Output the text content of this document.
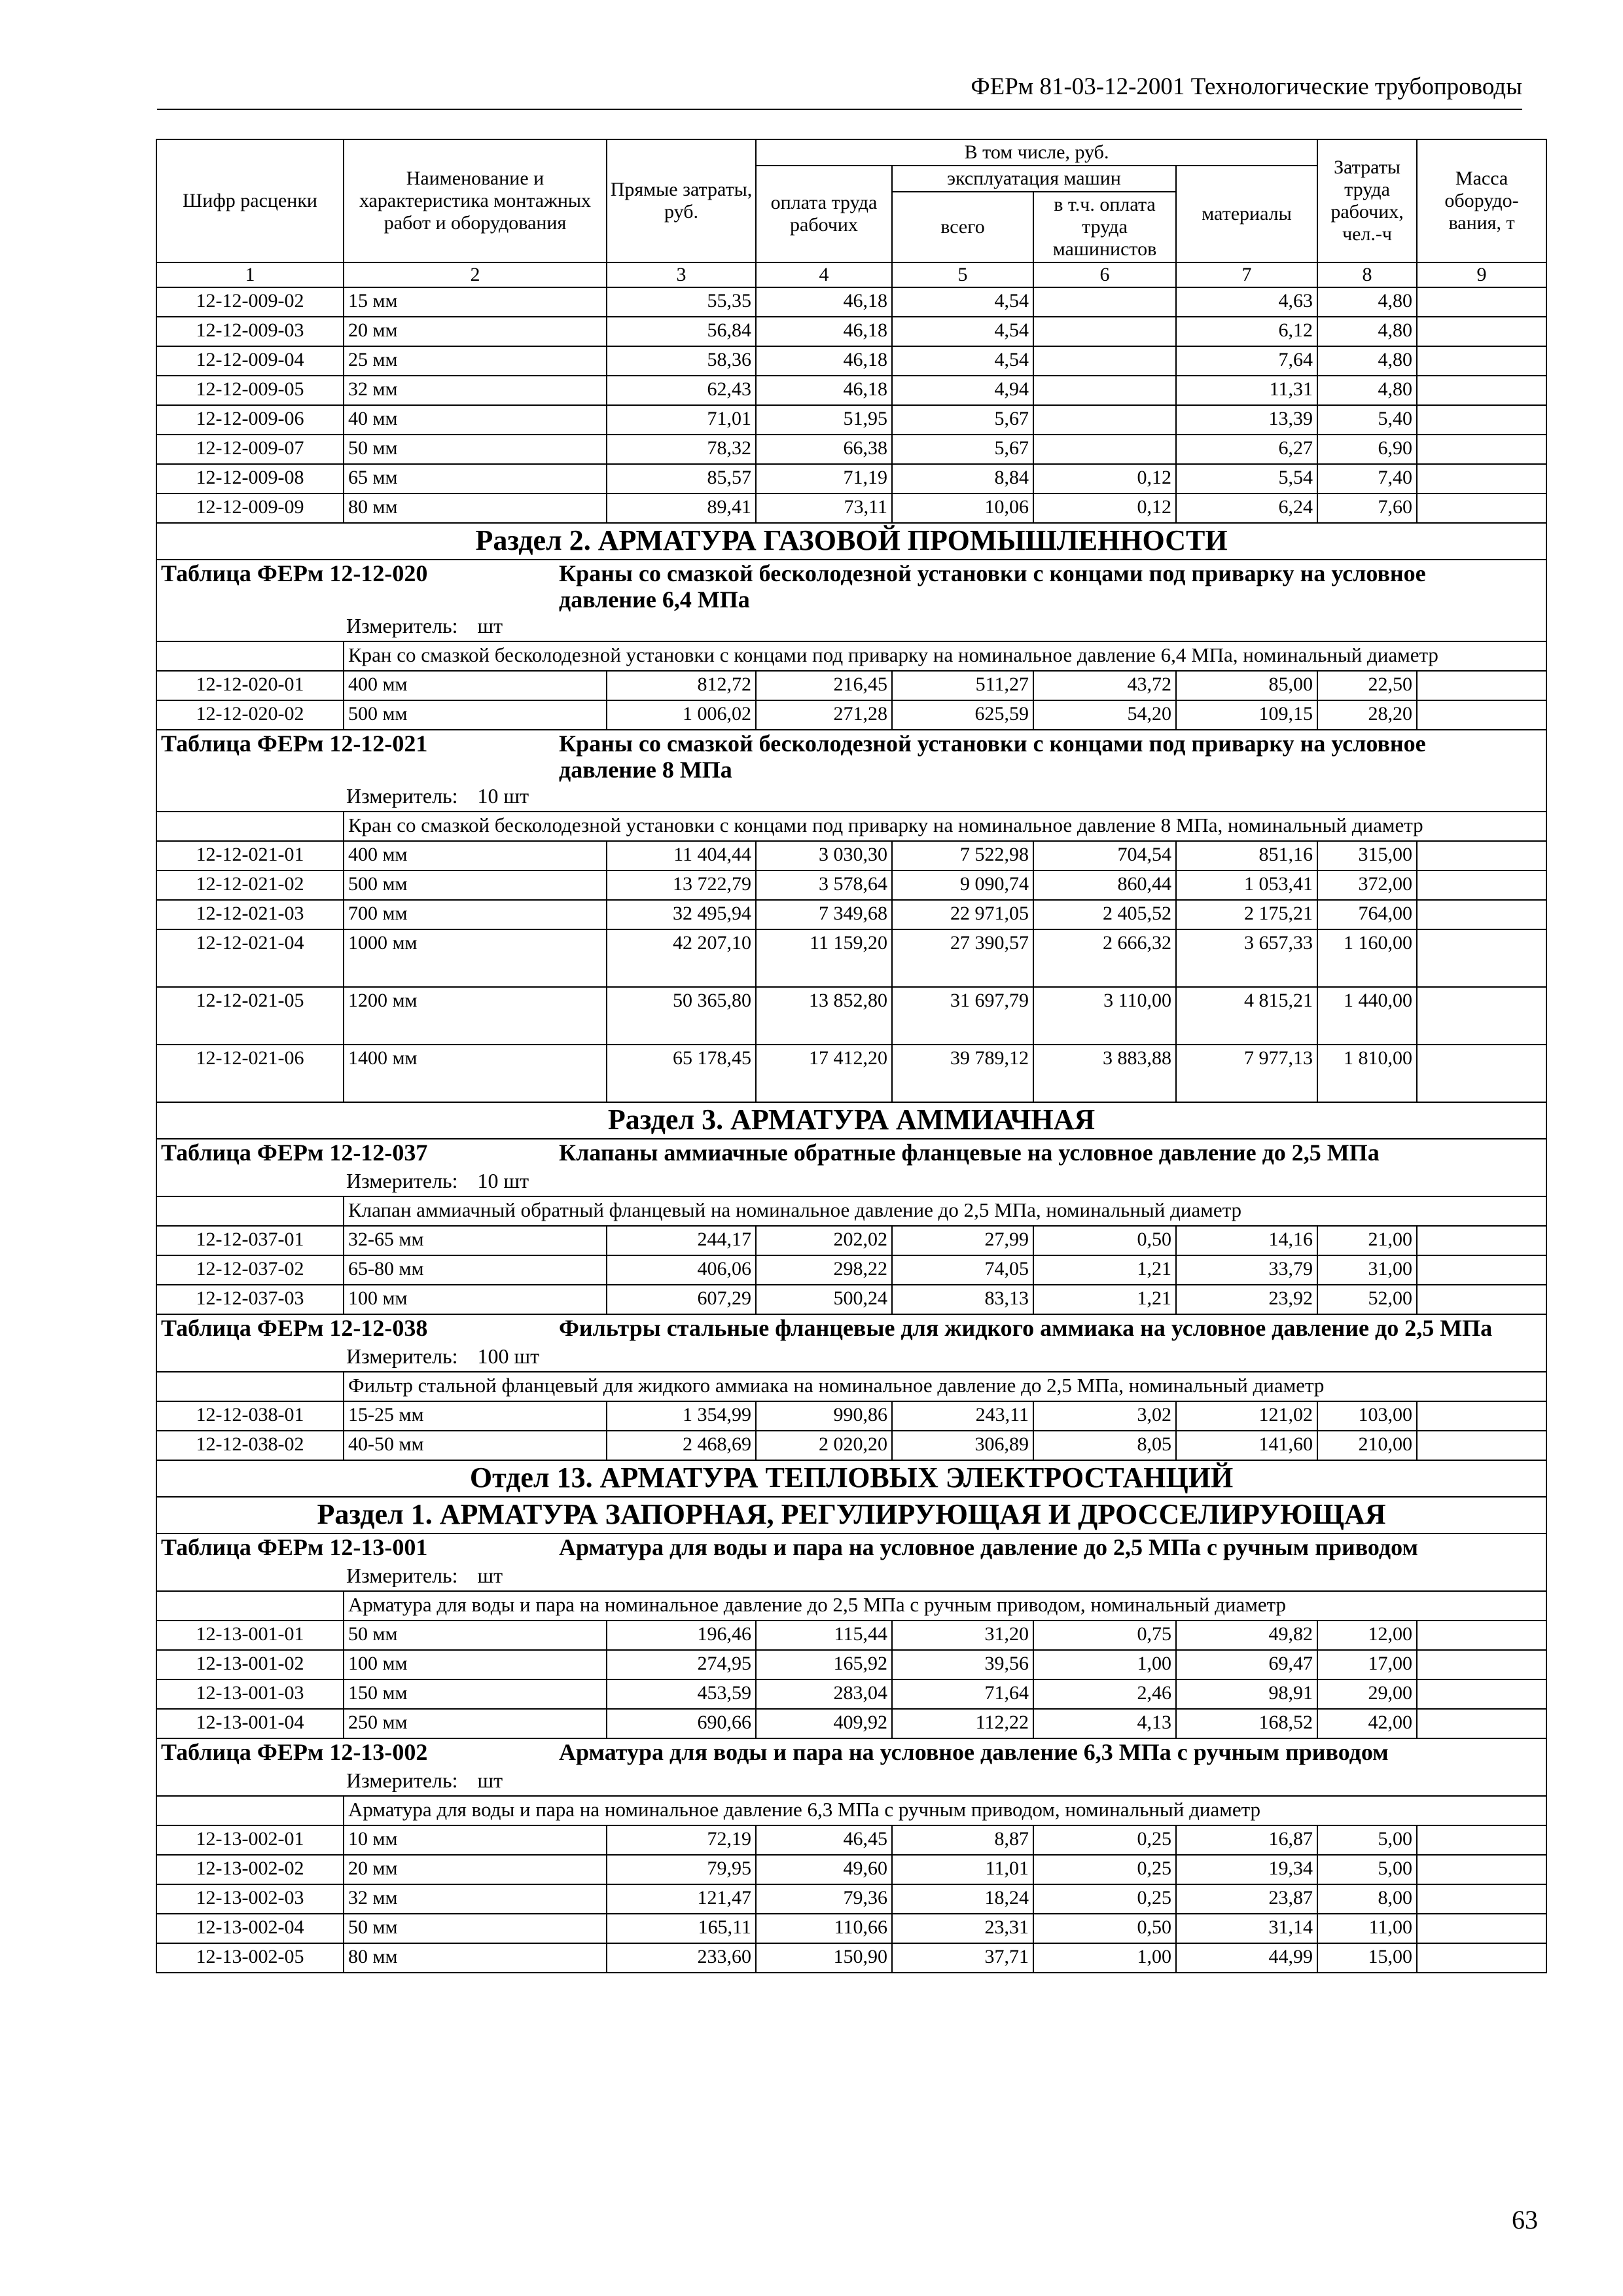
ФЕРм 81-03-12-2001 Технологические трубопроводы
Шифр расценки	Наименование и характеристика монтажных работ и оборудования	Прямые затраты, руб.	В том числе, руб.				Затраты труда рабочих, чел.-ч	Масса оборудо-вания, т
			оплата труда рабочих	эксплуатация машин		материалы		
				всего	в т.ч. оплата труда машинистов			
1	2	3	4	5	6	7	8	9
12-12-009-02	15 мм	55,35	46,18	4,54		4,63	4,80	
12-12-009-03	20 мм	56,84	46,18	4,54		6,12	4,80	
12-12-009-04	25 мм	58,36	46,18	4,54		7,64	4,80	
12-12-009-05	32 мм	62,43	46,18	4,94		11,31	4,80	
12-12-009-06	40 мм	71,01	51,95	5,67		13,39	5,40	
12-12-009-07	50 мм	78,32	66,38	5,67		6,27	6,90	
12-12-009-08	65 мм	85,57	71,19	8,84	0,12	5,54	7,40	
12-12-009-09	80 мм	89,41	73,11	10,06	0,12	6,24	7,60	
Раздел 2. АРМАТУРА ГАЗОВОЙ ПРОМЫШЛЕННОСТИ								
Таблица ФЕРм 12-12-020 Краны со смазкой бесколодезной установки с концами под приварку на условное давление 6,4 МПа								
Измеритель: шт								
	Кран со смазкой бесколодезной установки с концами под приварку на номинальное давление 6,4 МПа, номинальный диаметр							
12-12-020-01	400 мм	812,72	216,45	511,27	43,72	85,00	22,50	
12-12-020-02	500 мм	1 006,02	271,28	625,59	54,20	109,15	28,20	
Таблица ФЕРм 12-12-021 Краны со смазкой бесколодезной установки с концами под приварку на условное давление 8 МПа								
Измеритель: 10 шт								
	Кран со смазкой бесколодезной установки с концами под приварку на номинальное давление 8 МПа, номинальный диаметр							
12-12-021-01	400 мм	11 404,44	3 030,30	7 522,98	704,54	851,16	315,00	
12-12-021-02	500 мм	13 722,79	3 578,64	9 090,74	860,44	1 053,41	372,00	
12-12-021-03	700 мм	32 495,94	7 349,68	22 971,05	2 405,52	2 175,21	764,00	
12-12-021-04	1000 мм	42 207,10	11 159,20	27 390,57	2 666,32	3 657,33	1 160,00	
12-12-021-05	1200 мм	50 365,80	13 852,80	31 697,79	3 110,00	4 815,21	1 440,00	
12-12-021-06	1400 мм	65 178,45	17 412,20	39 789,12	3 883,88	7 977,13	1 810,00	
Раздел 3. АРМАТУРА АММИАЧНАЯ								
Таблица ФЕРм 12-12-037 Клапаны аммиачные обратные фланцевые на условное давление до 2,5 МПа								
Измеритель: 10 шт								
	Клапан аммиачный обратный фланцевый на номинальное давление до 2,5 МПа, номинальный диаметр							
12-12-037-01	32-65 мм	244,17	202,02	27,99	0,50	14,16	21,00	
12-12-037-02	65-80 мм	406,06	298,22	74,05	1,21	33,79	31,00	
12-12-037-03	100 мм	607,29	500,24	83,13	1,21	23,92	52,00	
Таблица ФЕРм 12-12-038 Фильтры стальные фланцевые для жидкого аммиака на условное давление до 2,5 МПа								
Измеритель: 100 шт								
	Фильтр стальной фланцевый для жидкого аммиака на номинальное давление до 2,5 МПа, номинальный диаметр							
12-12-038-01	15-25 мм	1 354,99	990,86	243,11	3,02	121,02	103,00	
12-12-038-02	40-50 мм	2 468,69	2 020,20	306,89	8,05	141,60	210,00	
Отдел 13. АРМАТУРА ТЕПЛОВЫХ ЭЛЕКТРОСТАНЦИЙ								
Раздел 1. АРМАТУРА ЗАПОРНАЯ, РЕГУЛИРУЮЩАЯ И ДРОССЕЛИРУЮЩАЯ								
Таблица ФЕРм 12-13-001 Арматура для воды и пара на условное давление до 2,5 МПа с ручным приводом								
Измеритель: шт								
	Арматура для воды и пара на номинальное давление до 2,5 МПа с ручным приводом, номинальный диаметр							
12-13-001-01	50 мм	196,46	115,44	31,20	0,75	49,82	12,00	
12-13-001-02	100 мм	274,95	165,92	39,56	1,00	69,47	17,00	
12-13-001-03	150 мм	453,59	283,04	71,64	2,46	98,91	29,00	
12-13-001-04	250 мм	690,66	409,92	112,22	4,13	168,52	42,00	
Таблица ФЕРм 12-13-002 Арматура для воды и пара на условное давление 6,3 МПа с ручным приводом								
Измеритель: шт								
	Арматура для воды и пара на номинальное давление 6,3 МПа с ручным приводом, номинальный диаметр							
12-13-002-01	10 мм	72,19	46,45	8,87	0,25	16,87	5,00	
12-13-002-02	20 мм	79,95	49,60	11,01	0,25	19,34	5,00	
12-13-002-03	32 мм	121,47	79,36	18,24	0,25	23,87	8,00	
12-13-002-04	50 мм	165,11	110,66	23,31	0,50	31,14	11,00	
12-13-002-05	80 мм	233,60	150,90	37,71	1,00	44,99	15,00	
63
